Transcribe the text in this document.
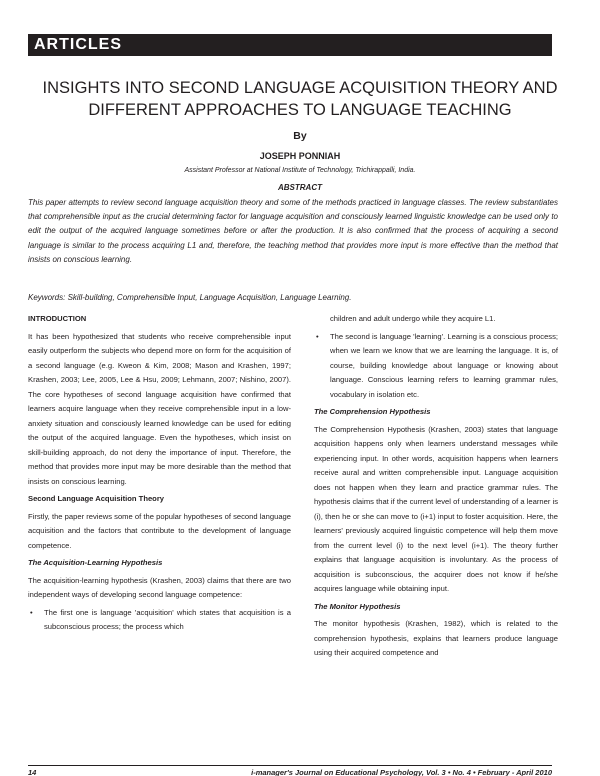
ARTICLES
INSIGHTS INTO SECOND LANGUAGE ACQUISITION THEORY AND
DIFFERENT APPROACHES TO LANGUAGE TEACHING
By
JOSEPH PONNIAH
Assistant Professor at National Institute of Technology, Trichirappalli, India.
ABSTRACT
This paper attempts to review second language acquisition theory and some of the methods practiced in language classes. The review substantiates that comprehensible input as the crucial determining factor for language acquisition and consciously learned linguistic knowledge can be used only to edit the output of the acquired language sometimes before or after the production. It is also confirmed that the process of acquiring a second language is similar to the process acquiring L1 and, therefore, the teaching method that provides more input is more effective than the method that insists on conscious learning.
Keywords: Skill-building, Comprehensible Input, Language Acquisition, Language Learning.
INTRODUCTION

It has been hypothesized that students who receive comprehensible input easily outperform the subjects who depend more on form for the acquisition of a second language (e.g. Kweon & Kim, 2008; Mason and Krashen, 1997; Krashen, 2003; Lee, 2005, Lee & Hsu, 2009; Lehmann, 2007; Nishino, 2007). The core hypotheses of second language acquisition have confirmed that learners acquire language when they receive comprehensible input in a low-anxiety situation and consciously learned knowledge can be used for editing the output of the acquired language. Even the hypotheses, which insist on skill-building approach, do not deny the importance of input. Therefore, the method that provides more input may be more desirable than the method that insists on conscious learning.

Second Language Acquisition Theory

Firstly, the paper reviews some of the popular hypotheses of second language acquisition and the factors that contribute to the development of language competence.

The Acquisition-Learning Hypothesis

The acquisition-learning hypothesis (Krashen, 2003) claims that there are two independent ways of developing second language competence:

• The first one is language 'acquisition' which states that acquisition is a subconscious process; the process which

children and adult undergo while they acquire L1.

• The second is language 'learning'. Learning is a conscious process; when we learn we know that we are learning the language. It is, of course, building knowledge about language or knowing about language. Conscious learning refers to learning grammar rules, vocabulary in isolation etc.
The Comprehension Hypothesis

The Comprehension Hypothesis (Krashen, 2003) states that language acquisition happens only when learners understand messages while experiencing input. In other words, acquisition happens when learners receive aural and written comprehensible input. Language acquisition does not happen when they learn and practice grammar rules. The hypothesis claims that if the current level of understanding of a learner is (i), then he or she can move to (i+1) input to foster acquisition. Here, the learners' previously acquired linguistic competence will help them move from the current level (i) to the next level (i+1). The theory further explains that language acquisition is involuntary. As the process of acquisition is subconscious, the acquirer does not know if he/she acquires language while obtaining input.

The Monitor Hypothesis

The monitor hypothesis (Krashen, 1982), which is related to the comprehension hypothesis, explains that learners produce language using their acquired competence and

14	i-manager's Journal on Educational Psychology, Vol. 3 • No. 4 • February - April 2010
